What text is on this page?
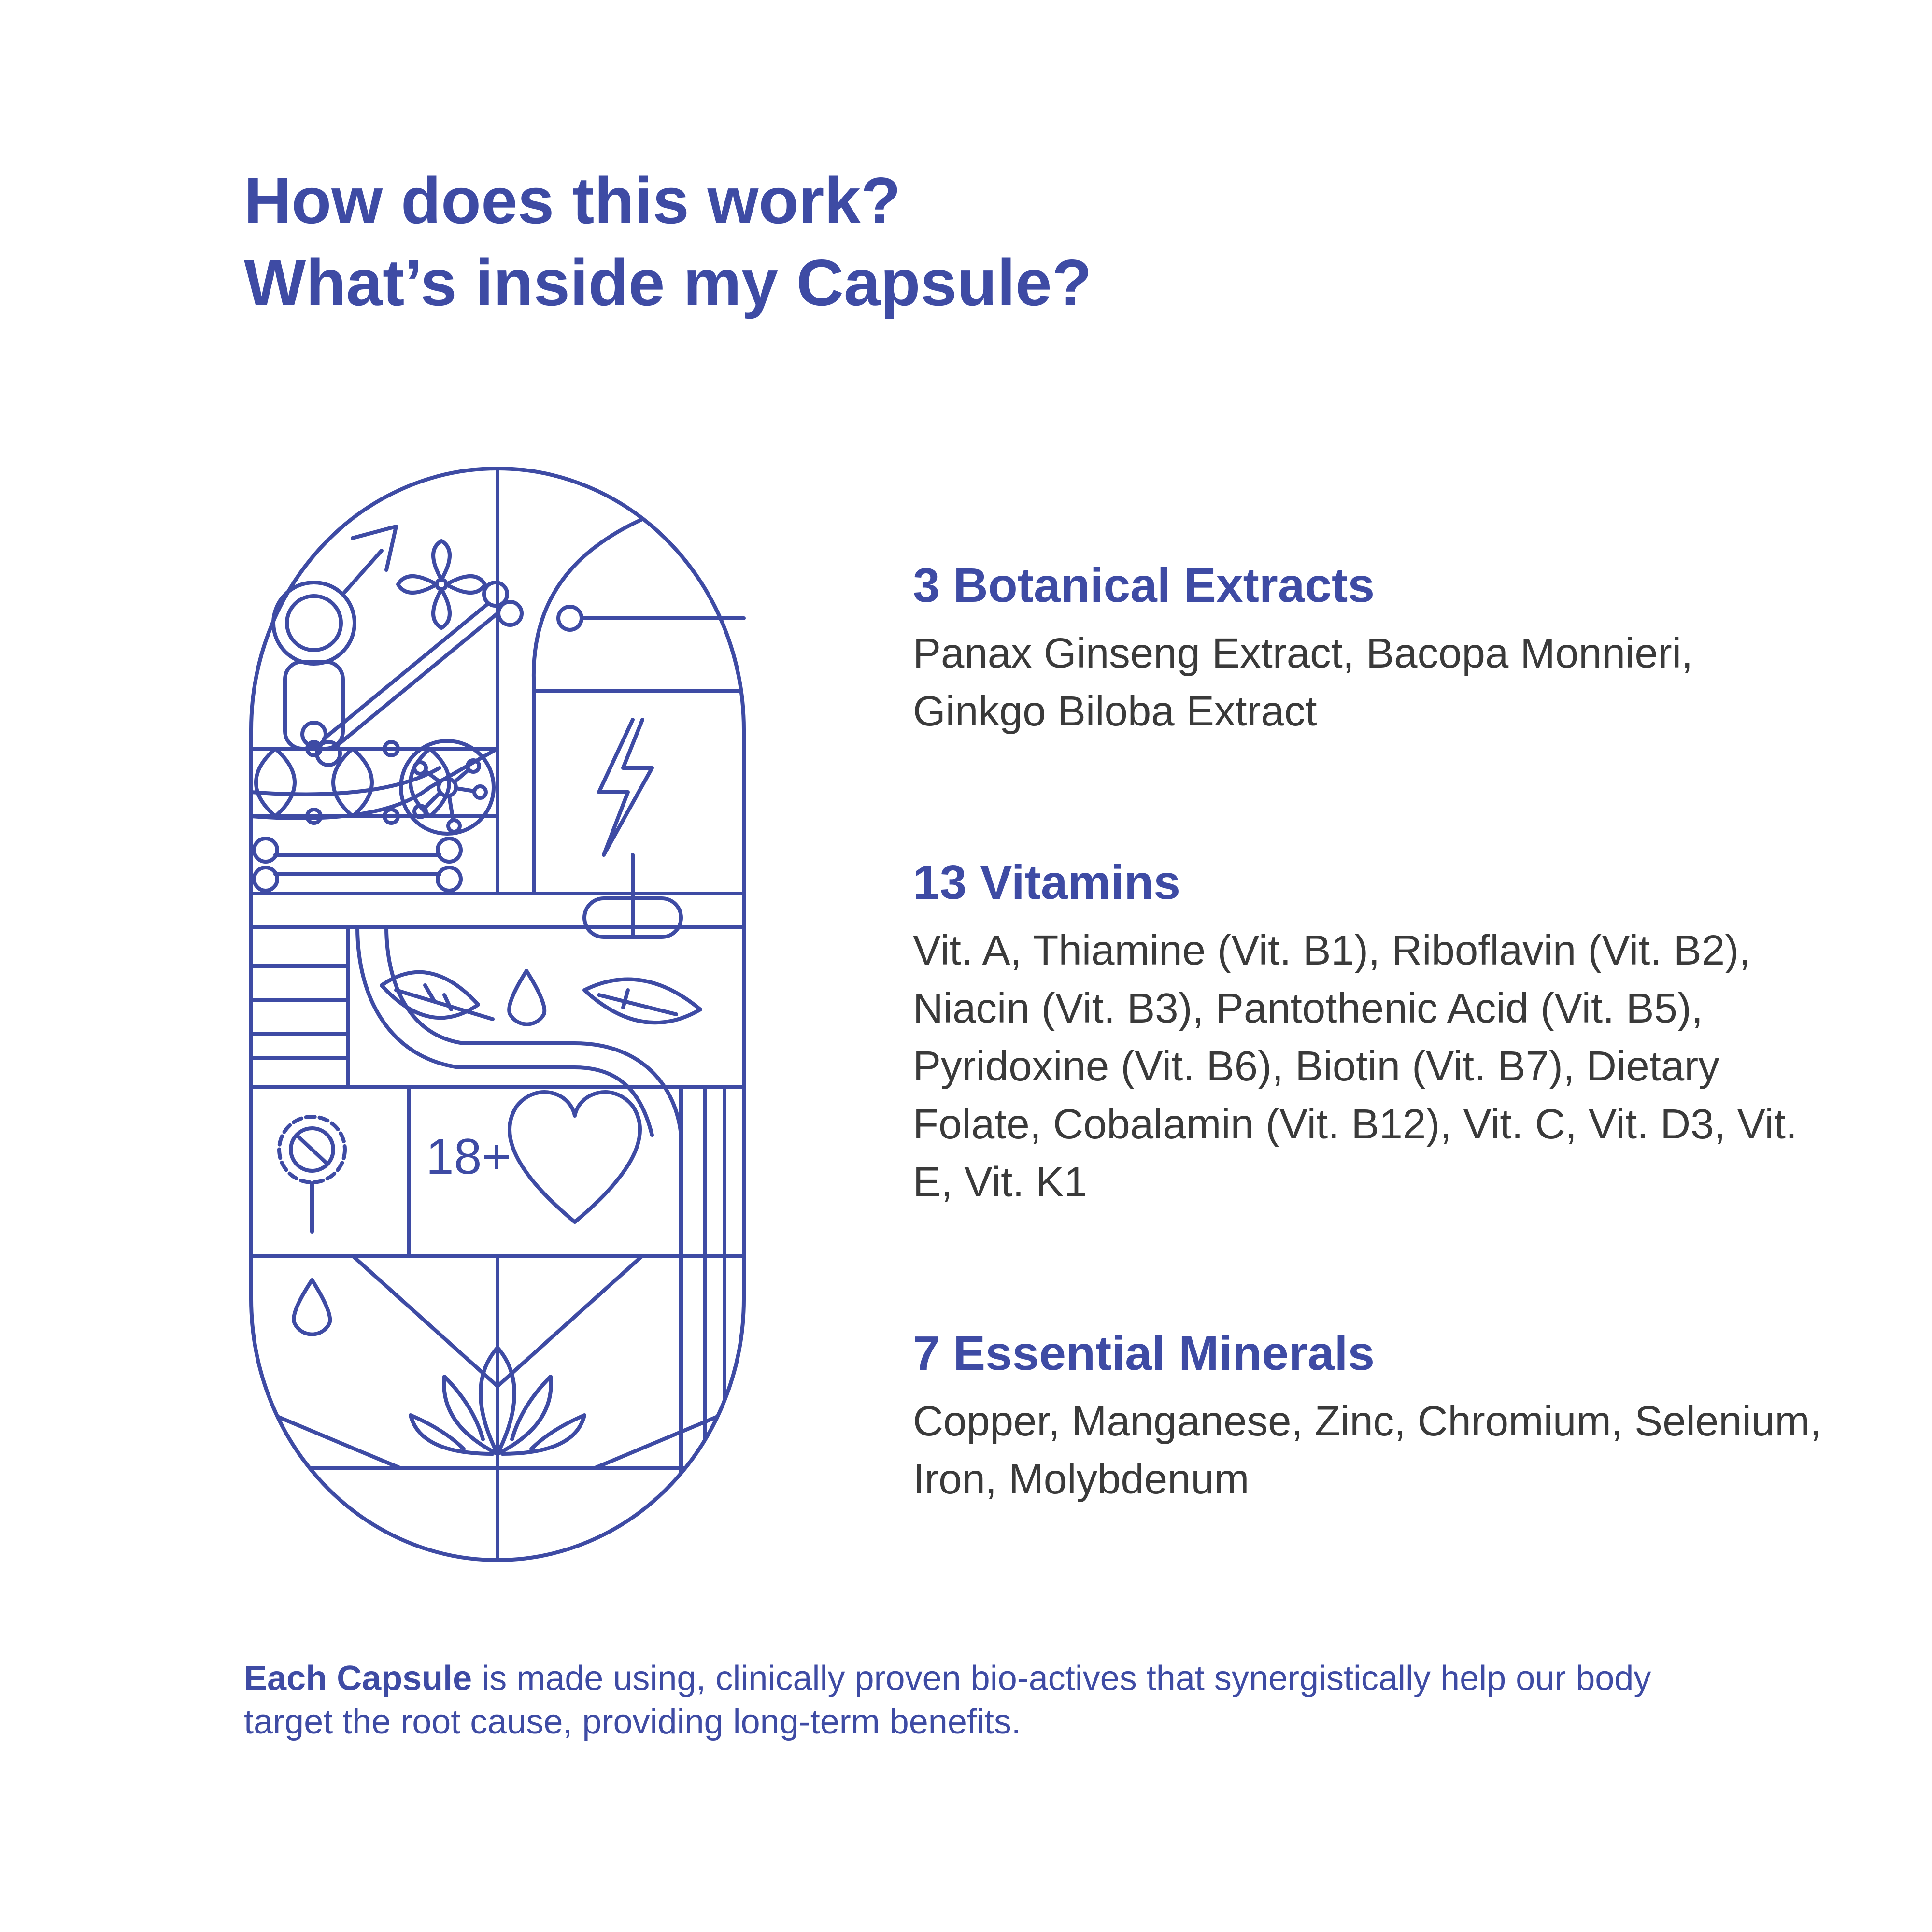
How does this work?
What’s inside my Capsule?
18+
3 Botanical Extracts

Panax Ginseng Extract, Bacopa Monnieri, Ginkgo Biloba Extract

13 Vitamins

Vit. A, Thiamine (Vit. B1), Riboflavin (Vit. B2), Niacin (Vit. B3), Pantothenic Acid (Vit. B5), Pyridoxine (Vit. B6), Biotin (Vit. B7), Dietary Folate, Cobalamin (Vit. B12), Vit. C, Vit. D3, Vit. E, Vit. K1

7 Essential Minerals

Copper, Manganese, Zinc, Chromium, Selenium, Iron, Molybdenum

Each Capsule is made using, clinically proven bio-actives that synergistically help our body target the root cause, providing long-term benefits.
